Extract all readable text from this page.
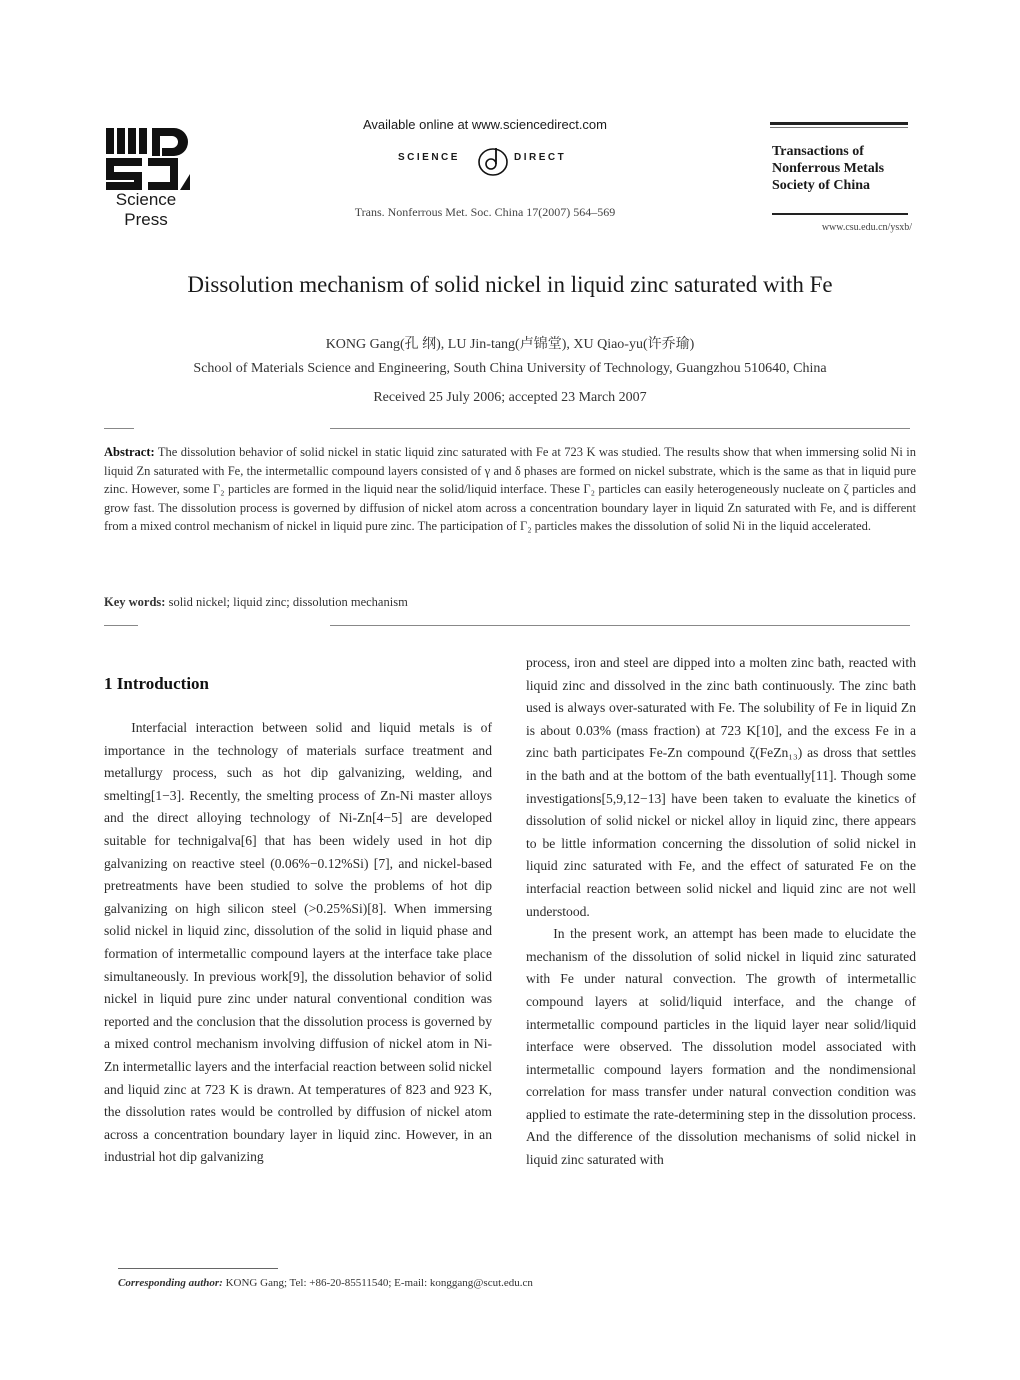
Science
Press
Available online at www.sciencedirect.com
SCIENCE	DIRECT
Trans. Nonferrous Met. Soc. China 17(2007) 564–569
Transactions of
Nonferrous Metals
Society of China
www.csu.edu.cn/ysxb/
Dissolution mechanism of solid nickel in liquid zinc saturated with Fe
KONG Gang(孔 纲), LU Jin-tang(卢锦堂), XU Qiao-yu(许乔瑜)
School of Materials Science and Engineering, South China University of Technology, Guangzhou 510640, China
Received 25 July 2006; accepted 23 March 2007
Abstract: The dissolution behavior of solid nickel in static liquid zinc saturated with Fe at 723 K was studied. The results show that when immersing solid Ni in liquid Zn saturated with Fe, the intermetallic compound layers consisted of γ and δ phases are formed on nickel substrate, which is the same as that in liquid pure zinc. However, some Γ₂ particles are formed in the liquid near the solid/liquid interface. These Γ₂ particles can easily heterogeneously nucleate on ζ particles and grow fast. The dissolution process is governed by diffusion of nickel atom across a concentration boundary layer in liquid Zn saturated with Fe, and is different from a mixed control mechanism of nickel in liquid pure zinc. The participation of Γ₂ particles makes the dissolution of solid Ni in the liquid accelerated.
Key words: solid nickel; liquid zinc; dissolution mechanism
1 Introduction

Interfacial interaction between solid and liquid metals is of importance in the technology of materials surface treatment and metallurgy process, such as hot dip galvanizing, welding, and smelting[1−3]. Recently, the smelting process of Zn-Ni master alloys and the direct alloying technology of Ni-Zn[4−5] are developed suitable for technigalva[6] that has been widely used in hot dip galvanizing on reactive steel (0.06%−0.12%Si) [7], and nickel-based pretreatments have been studied to solve the problems of hot dip galvanizing on high silicon steel (>0.25%Si)[8]. When immersing solid nickel in liquid zinc, dissolution of the solid in liquid phase and formation of intermetallic compound layers at the interface take place simultaneously. In previous work[9], the dissolution behavior of solid nickel in liquid pure zinc under natural conventional condition was reported and the conclusion that the dissolution process is governed by a mixed control mechanism involving diffusion of nickel atom in Ni-Zn intermetallic layers and the interfacial reaction between solid nickel and liquid zinc at 723 K is drawn. At temperatures of 823 and 923 K, the dissolution rates would be controlled by diffusion of nickel atom across a concentration boundary layer in liquid zinc. However, in an industrial hot dip galvanizing

process, iron and steel are dipped into a molten zinc bath, reacted with liquid zinc and dissolved in the zinc bath continuously. The zinc bath used is always over-saturated with Fe. The solubility of Fe in liquid Zn is about 0.03% (mass fraction) at 723 K[10], and the excess Fe in a zinc bath participates Fe-Zn compound ζ(FeZn₁₃) as dross that settles in the bath and at the bottom of the bath eventually[11]. Though some investigations[5,9,12−13] have been taken to evaluate the kinetics of dissolution of solid nickel or nickel alloy in liquid zinc, there appears to be little information concerning the dissolution of solid nickel in liquid zinc saturated with Fe, and the effect of saturated Fe on the interfacial reaction between solid nickel and liquid zinc are not well understood.

In the present work, an attempt has been made to elucidate the mechanism of the dissolution of solid nickel in liquid zinc saturated with Fe under natural convection. The growth of intermetallic compound layers at solid/liquid interface, and the change of intermetallic compound particles in the liquid layer near solid/liquid interface were observed. The dissolution model associated with intermetallic compound layers formation and the nondimensional correlation for mass transfer under natural convection condition was applied to estimate the rate-determining step in the dissolution process. And the difference of the dissolution mechanisms of solid nickel in liquid zinc saturated with

Corresponding author: KONG Gang; Tel: +86-20-85511540; E-mail: konggang@scut.edu.cn
